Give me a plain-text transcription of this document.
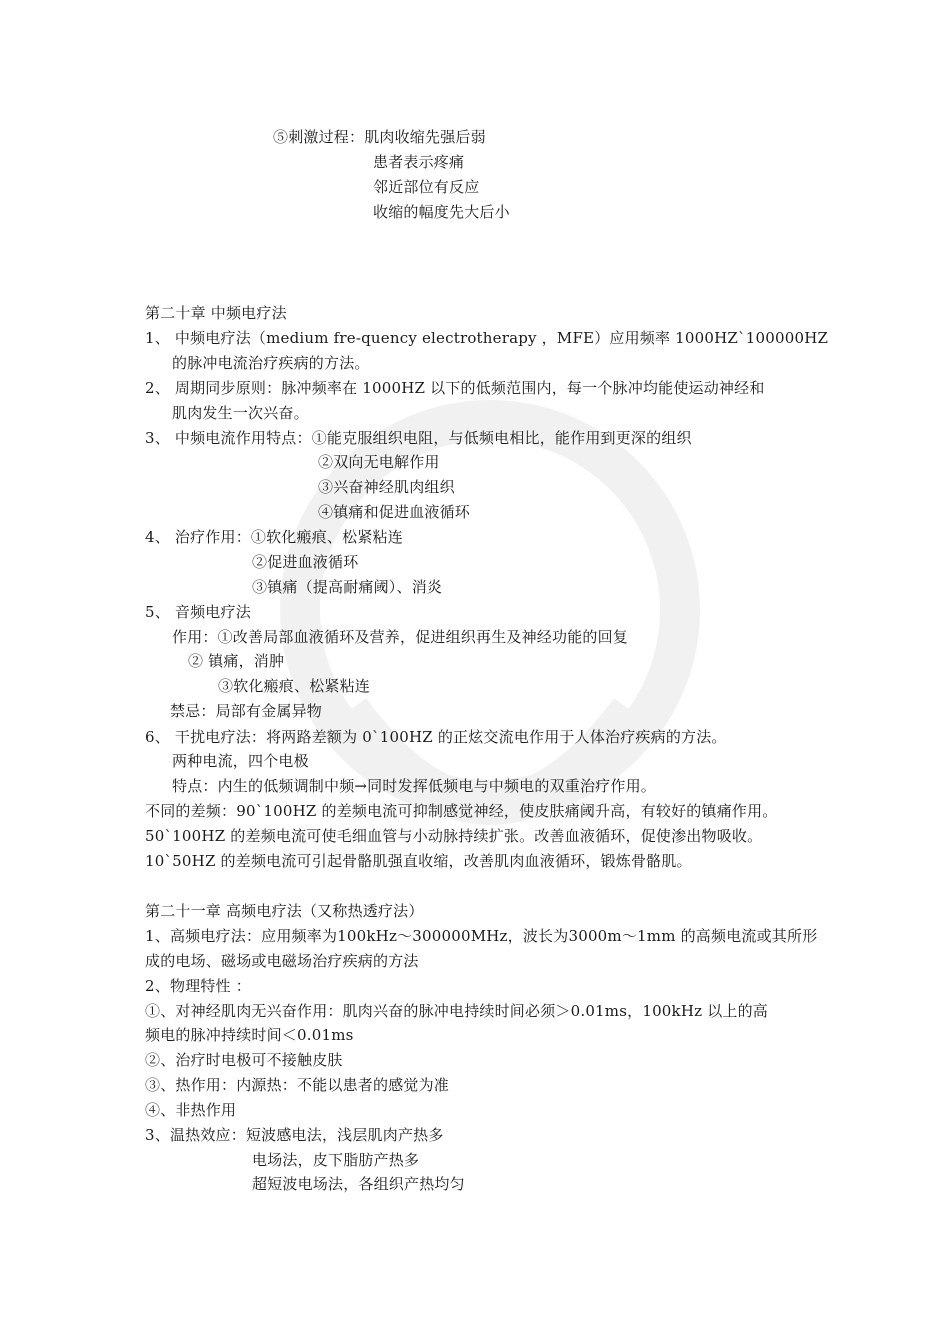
⑤刺激过程：肌肉收缩先强后弱
患者表示疼痛
邻近部位有反应
收缩的幅度先大后小
第二十章 中频电疗法
1、 中频电疗法（medium fre-quency electrotherapy ，MFE）应用频率 1000HZ`100000HZ
的脉冲电流治疗疾病的方法。
2、 周期同步原则：脉冲频率在 1000HZ 以下的低频范围内，每一个脉冲均能使运动神经和
肌肉发生一次兴奋。
3、 中频电流作用特点：①能克服组织电阻，与低频电相比，能作用到更深的组织
②双向无电解作用
③兴奋神经肌肉组织
④镇痛和促进血液循环
4、 治疗作用：①软化瘢痕、松紧粘连
②促进血液循环
③镇痛（提高耐痛阈）、消炎
5、 音频电疗法
作用：①改善局部血液循环及营养，促进组织再生及神经功能的回复
② 镇痛，消肿
③软化瘢痕、松紧粘连
禁忌：局部有金属异物
6、 干扰电疗法：将两路差额为 0`100HZ 的正炫交流电作用于人体治疗疾病的方法。
两种电流，四个电极
特点：内生的低频调制中频→同时发挥低频电与中频电的双重治疗作用。
不同的差频：90`100HZ 的差频电流可抑制感觉神经，使皮肤痛阈升高，有较好的镇痛作用。
50`100HZ 的差频电流可使毛细血管与小动脉持续扩张。改善血液循环，促使渗出物吸收。
10`50HZ 的差频电流可引起骨骼肌强直收缩，改善肌肉血液循环，锻炼骨骼肌。
第二十一章 高频电疗法（又称热透疗法）
1、高频电疗法：应用频率为100kHz～300000MHz，波长为3000m～1mm 的高频电流或其所形
成的电场、磁场或电磁场治疗疾病的方法
2、物理特性 ：
①、对神经肌肉无兴奋作用：肌肉兴奋的脉冲电持续时间必须＞0.01ms，100kHz 以上的高
频电的脉冲持续时间＜0.01ms
②、治疗时电极可不接触皮肤
③、热作用：内源热：不能以患者的感觉为准
④、非热作用
3、温热效应：短波感电法，浅层肌肉产热多
电场法，皮下脂肪产热多
超短波电场法，各组织产热均匀
